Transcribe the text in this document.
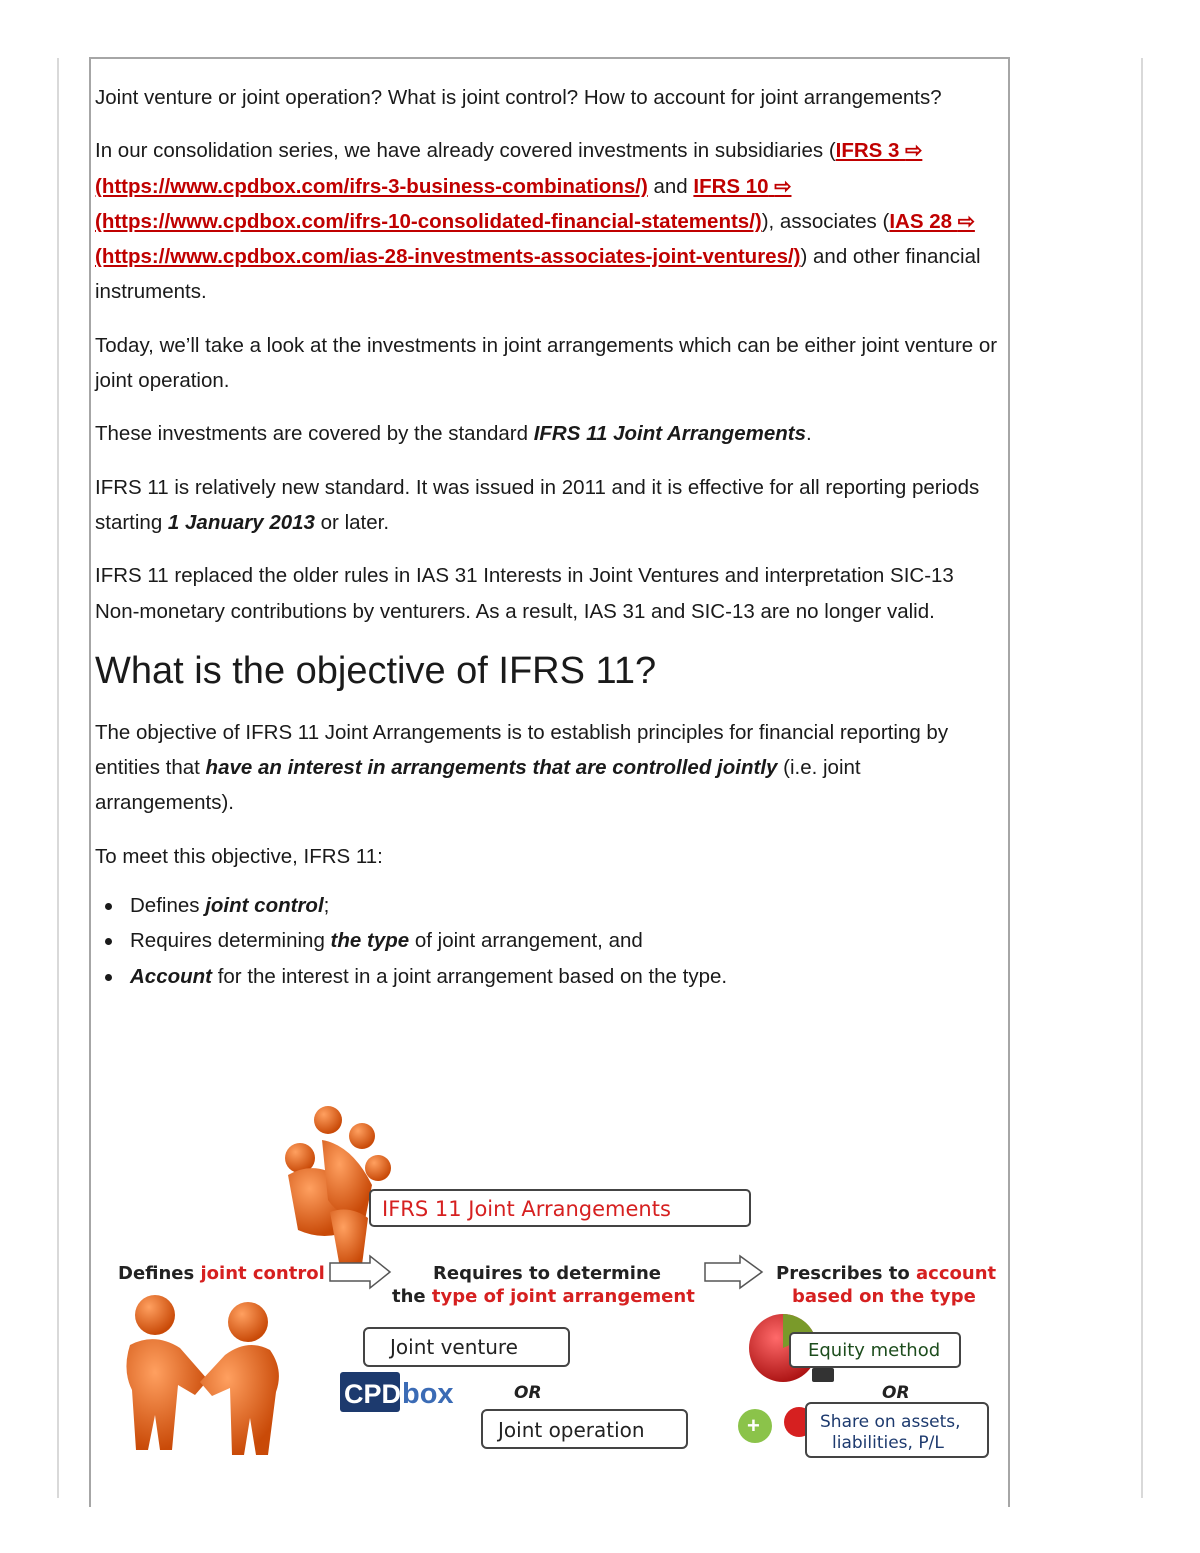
Joint venture or joint operation? What is joint control? How to account for joint arrangements?

In our consolidation series, we have already covered investments in subsidiaries (IFRS 3 ⇨ (https://www.cpdbox.com/ifrs-3-business-combinations/) and IFRS 10 ⇨ (https://www.cpdbox.com/ifrs-10-consolidated-financial-statements/)), associates (IAS 28 ⇨ (https://www.cpdbox.com/ias-28-investments-associates-joint-ventures/)) and other financial instruments.

Today, we’ll take a look at the investments in joint arrangements which can be either joint venture or joint operation.

These investments are covered by the standard IFRS 11 Joint Arrangements.

IFRS 11 is relatively new standard. It was issued in 2011 and it is effective for all reporting periods starting 1 January 2013 or later.

IFRS 11 replaced the older rules in IAS 31 Interests in Joint Ventures and interpretation SIC-13 Non-monetary contributions by venturers. As a result, IAS 31 and SIC-13 are no longer valid.

What is the objective of IFRS 11?

The objective of IFRS 11 Joint Arrangements is to establish principles for financial reporting by entities that have an interest in arrangements that are controlled jointly (i.e. joint arrangements).

To meet this objective, IFRS 11:

Defines joint control;
Requires determining the type of joint arrangement, and
Account for the interest in a joint arrangement based on the type.
IFRS 11 Joint Arrangements
Defines joint control	Requires to determine
the type of joint arrangement
Prescribes to account
based on the type
Joint venture
CPD box	OR
Joint operation
Equity method
OR
+	Share on assets,
liabilities, P/L
